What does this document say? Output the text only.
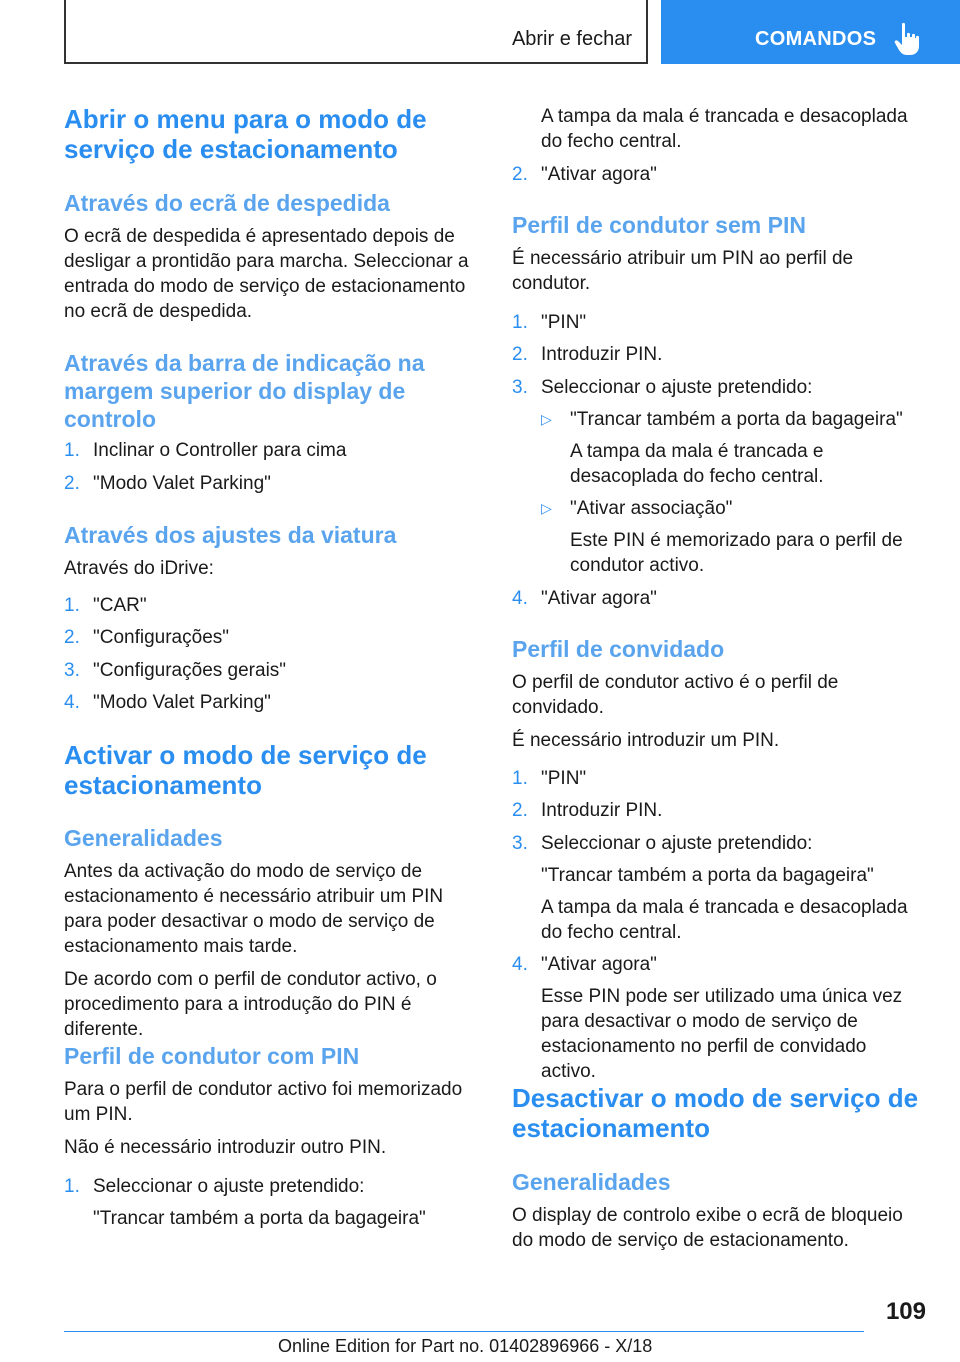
Abrir e fechar	COMANDOS
Abrir o menu para o modo de serviço de estacionamento
Através do ecrã de despedida

O ecrã de despedida é apresentado depois de desligar a prontidão para marcha. Seleccionar a entrada do modo de serviço de estacionamento no ecrã de despedida.

Através da barra de indicação na margem superior do display de controlo
1. Inclinar o Controller para cima
2. "Modo Valet Parking"
Através dos ajustes da viatura

Através do iDrive:

1. "CAR"
2. "Configurações"
3. "Configurações gerais"
4. "Modo Valet Parking"
Activar o modo de serviço de estacionamento
Generalidades

Antes da activação do modo de serviço de estacionamento é necessário atribuir um PIN para poder desactivar o modo de serviço de estacionamento mais tarde.

De acordo com o perfil de condutor activo, o procedimento para a introdução do PIN é diferente.

Perfil de condutor com PIN

Para o perfil de condutor activo foi memorizado um PIN.

Não é necessário introduzir outro PIN.

1. Seleccionar o ajuste pretendido:

"Trancar também a porta da bagageira"

A tampa da mala é trancada e desacoplada do fecho central.

2. "Ativar agora"
Perfil de condutor sem PIN

É necessário atribuir um PIN ao perfil de condutor.

1. "PIN"
2. Introduzir PIN.
3. Seleccionar o ajuste pretendido:
▷ "Trancar também a porta da bagageira"

A tampa da mala é trancada e desacoplada do fecho central.

▷ "Ativar associação"

Este PIN é memorizado para o perfil de condutor activo.

4. "Ativar agora"
Perfil de convidado

O perfil de condutor activo é o perfil de convidado.

É necessário introduzir um PIN.

1. "PIN"
2. Introduzir PIN.
3. Seleccionar o ajuste pretendido:

"Trancar também a porta da bagageira"

A tampa da mala é trancada e desacoplada do fecho central.

4. "Ativar agora"

Esse PIN pode ser utilizado uma única vez para desactivar o modo de serviço de estacionamento no perfil de convidado activo.

Desactivar o modo de serviço de estacionamento
Generalidades

O display de controlo exibe o ecrã de bloqueio do modo de serviço de estacionamento.

109
Online Edition for Part no. 01402896966 - X/18
